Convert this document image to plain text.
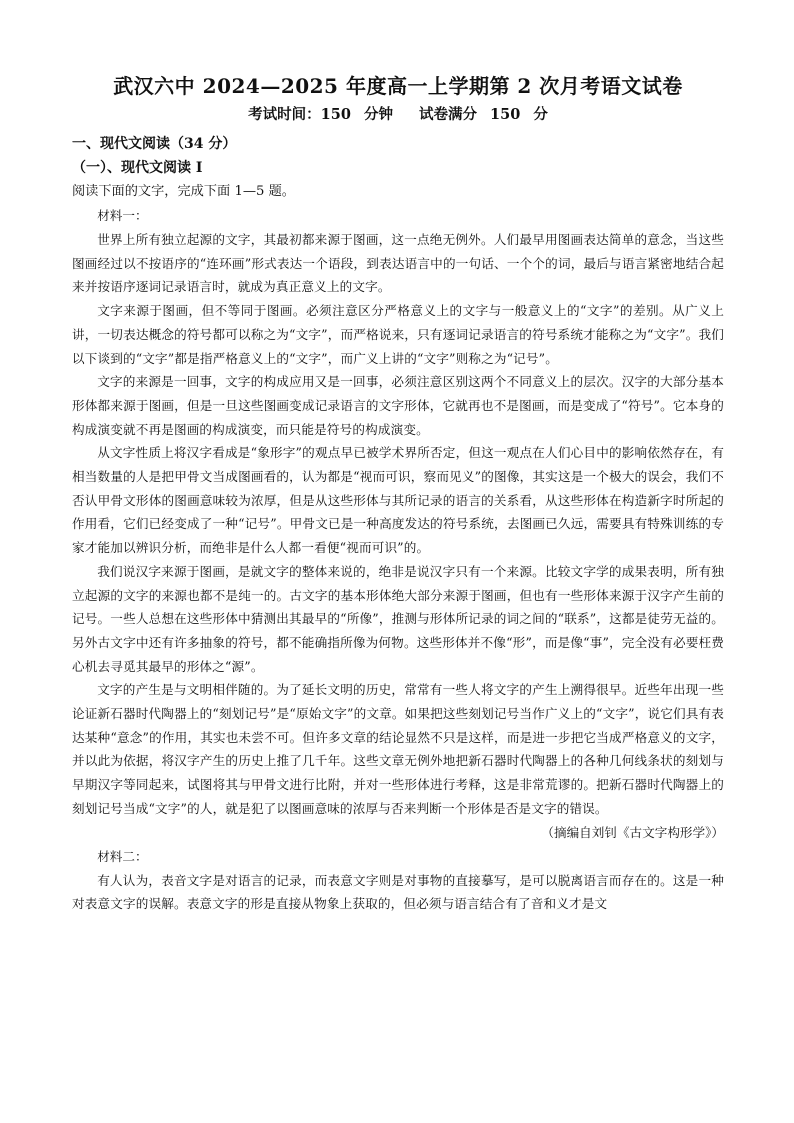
武汉六中 2024—2025 年度高一上学期第 2 次月考语文试卷
考试时间：150 分钟 试卷满分 150 分

一、现代文阅读（34 分）

（一）、现代文阅读 I

阅读下面的文字，完成下面 1—5 题。

材料一：

世界上所有独立起源的文字，其最初都来源于图画，这一点绝无例外。人们最早用图画表达简单的意念，当这些图画经过以不按语序的“连环画”形式表达一个语段，到表达语言中的一句话、一个个的词，最后与语言紧密地结合起来并按语序逐词记录语言时，就成为真正意义上的文字。

文字来源于图画，但不等同于图画。必须注意区分严格意义上的文字与一般意义上的“文字”的差别。从广义上讲，一切表达概念的符号都可以称之为“文字”，而严格说来，只有逐词记录语言的符号系统才能称之为“文字”。我们以下谈到的“文字”都是指严格意义上的“文字”，而广义上讲的“文字”则称之为“记号”。

文字的来源是一回事，文字的构成应用又是一回事，必须注意区别这两个不同意义上的层次。汉字的大部分基本形体都来源于图画，但是一旦这些图画变成记录语言的文字形体，它就再也不是图画，而是变成了“符号”。它本身的构成演变就不再是图画的构成演变，而只能是符号的构成演变。

从文字性质上将汉字看成是“象形字”的观点早已被学术界所否定，但这一观点在人们心目中的影响依然存在，有相当数量的人是把甲骨文当成图画看的，认为都是“视而可识，察而见义”的图像，其实这是一个极大的误会，我们不否认甲骨文形体的图画意味较为浓厚，但是从这些形体与其所记录的语言的关系看，从这些形体在构造新字时所起的作用看，它们已经变成了一种“记号”。甲骨文已是一种高度发达的符号系统，去图画已久远，需要具有特殊训练的专家才能加以辨识分析，而绝非是什么人都一看便“视而可识”的。

我们说汉字来源于图画，是就文字的整体来说的，绝非是说汉字只有一个来源。比较文字学的成果表明，所有独立起源的文字的来源也都不是纯一的。古文字的基本形体绝大部分来源于图画，但也有一些形体来源于汉字产生前的记号。一些人总想在这些形体中猜测出其最早的“所像”，推测与形体所记录的词之间的“联系”，这都是徒劳无益的。另外古文字中还有许多抽象的符号，都不能确指所像为何物。这些形体并不像“形”，而是像“事”，完全没有必要枉费心机去寻觅其最早的形体之“源”。

文字的产生是与文明相伴随的。为了延长文明的历史，常常有一些人将文字的产生上溯得很早。近些年出现一些论证新石器时代陶器上的“刻划记号”是“原始文字”的文章。如果把这些刻划记号当作广义上的“文字”，说它们具有表达某种“意念”的作用，其实也未尝不可。但许多文章的结论显然不只是这样，而是进一步把它当成严格意义的文字，并以此为依据，将汉字产生的历史上推了几千年。这些文章无例外地把新石器时代陶器上的各种几何线条状的刻划与早期汉字等同起来，试图将其与甲骨文进行比附，并对一些形体进行考释，这是非常荒谬的。把新石器时代陶器上的刻划记号当成“文字”的人，就是犯了以图画意味的浓厚与否来判断一个形体是否是文字的错误。

（摘编自刘钊《古文字构形学》）

材料二：

有人认为，表音文字是对语言的记录，而表意文字则是对事物的直接摹写，是可以脱离语言而存在的。这是一种对表意文字的误解。表意文字的形是直接从物象上获取的，但必须与语言结合有了音和义才是文
